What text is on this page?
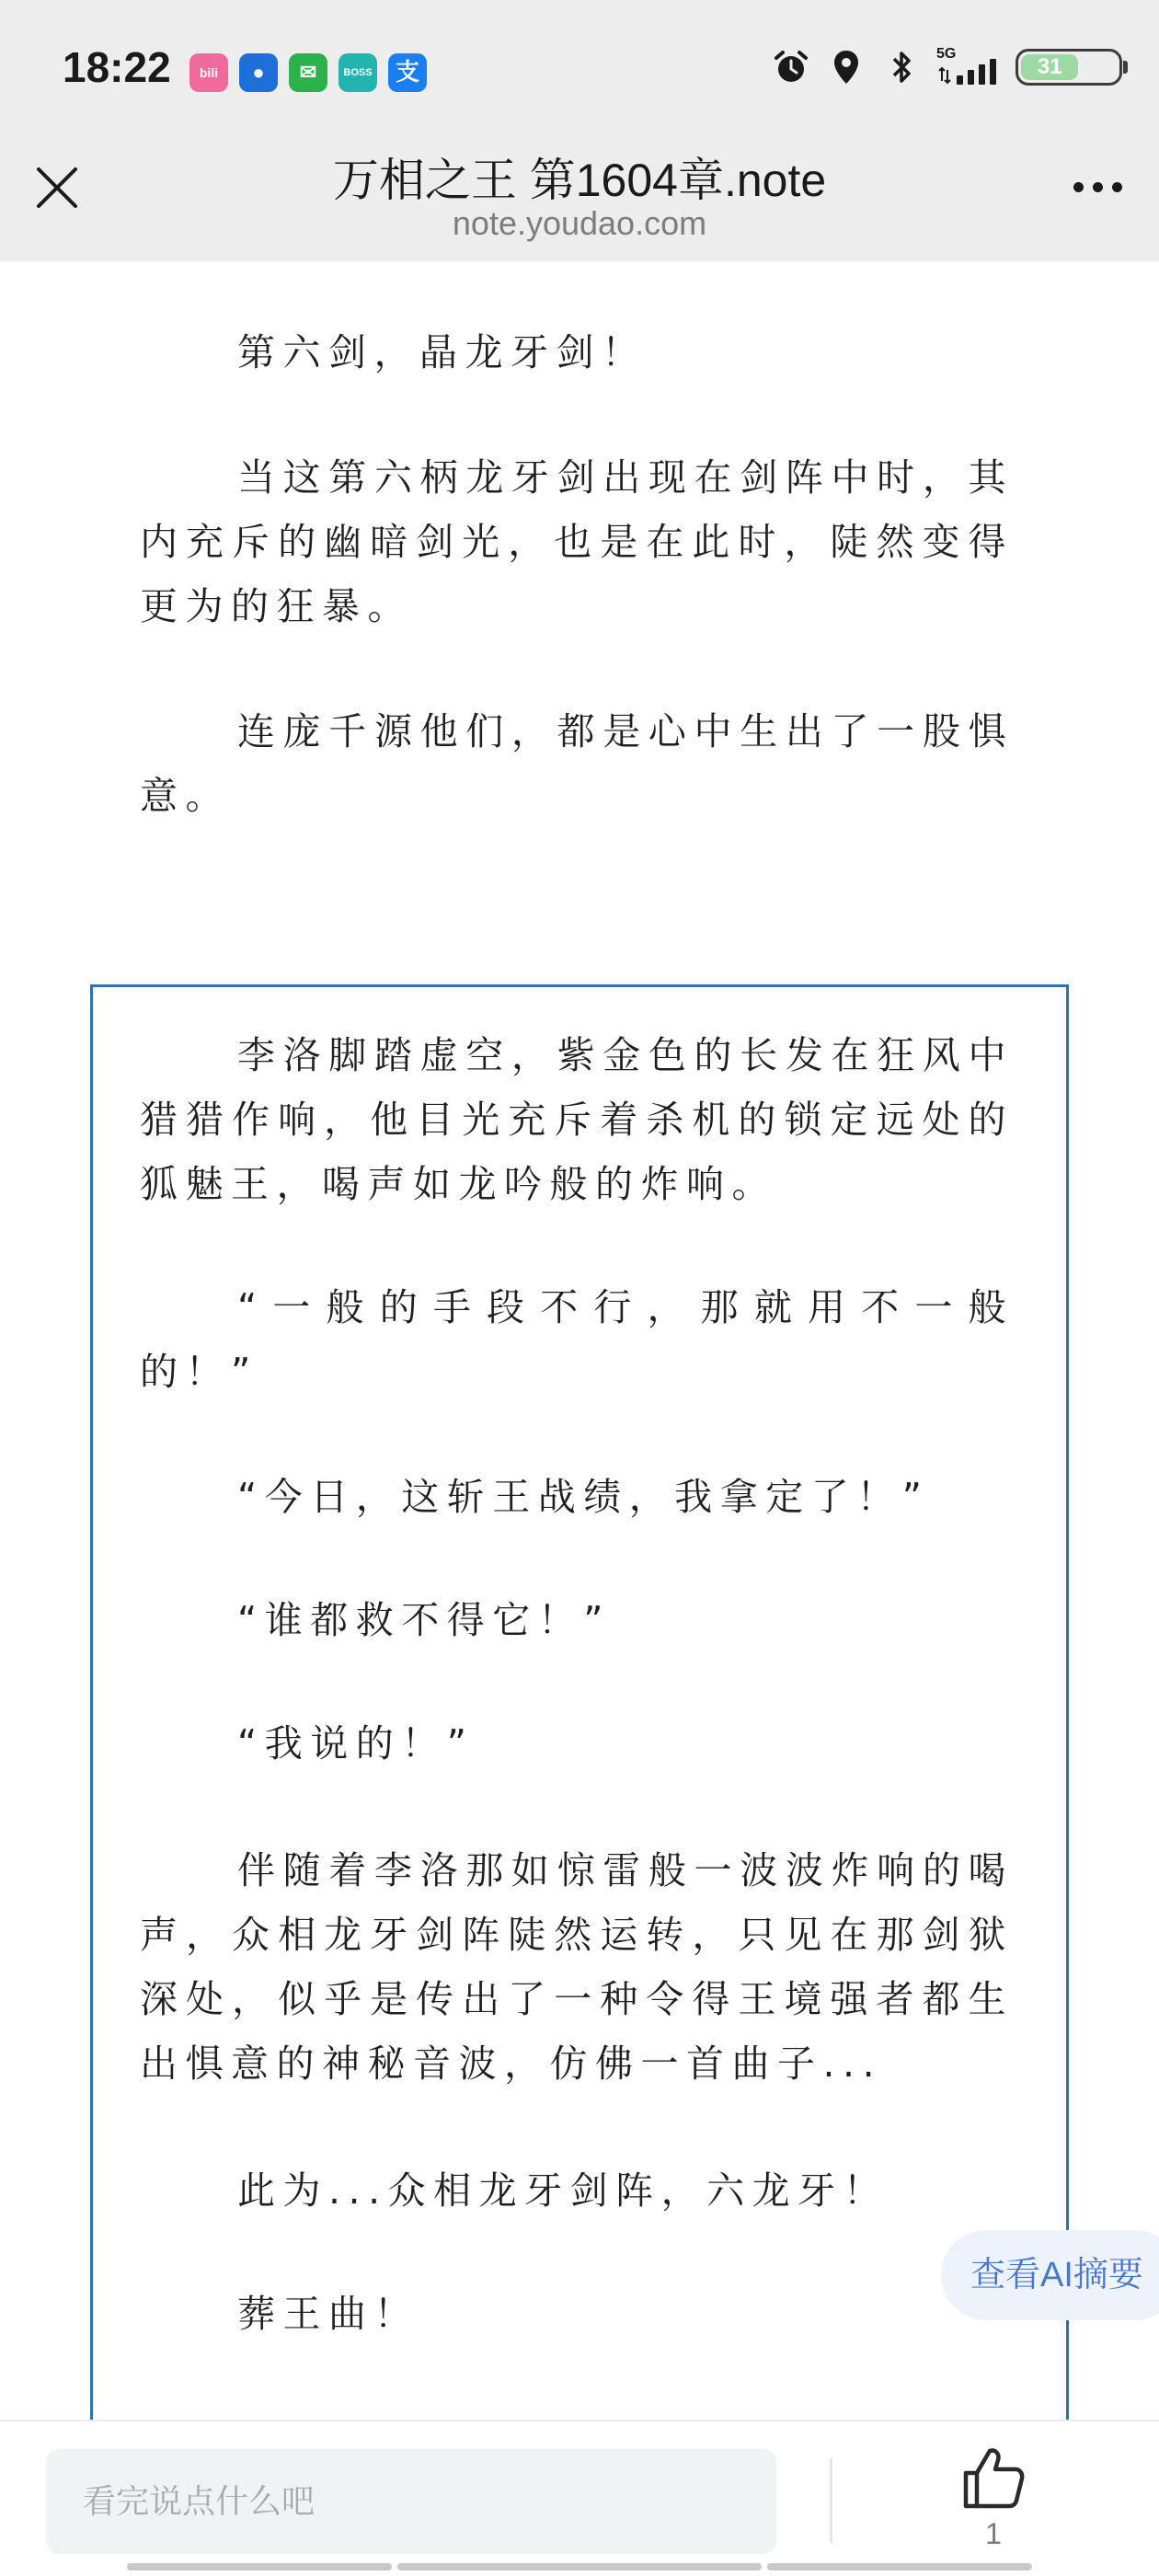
18:22	bili	●	✉	BOSS 支
5G
31
万相之王 第1604章.note
note.youdao.com

第六剑，晶龙牙剑！

当这第六柄龙牙剑出现在剑阵中时，其内充斥的幽暗剑光，也是在此时，陡然变得更为的狂暴。

连庞千源他们，都是心中生出了一股惧意。

李洛脚踏虚空，紫金色的长发在狂风中猎猎作响，他目光充斥着杀机的锁定远处的狐魅王，喝声如龙吟般的炸响。

“一般的手段不行，那就用不一般的！”

“今日，这斩王战绩，我拿定了！”

“谁都救不得它！”

“我说的！”

伴随着李洛那如惊雷般一波波炸响的喝声，众相龙牙剑阵陡然运转，只见在那剑狱深处，似乎是传出了一种令得王境强者都生出惧意的神秘音波，仿佛一首曲子...

此为...众相龙牙剑阵，六龙牙！

葬王曲！

查看AI摘要
看完说点什么吧
1
